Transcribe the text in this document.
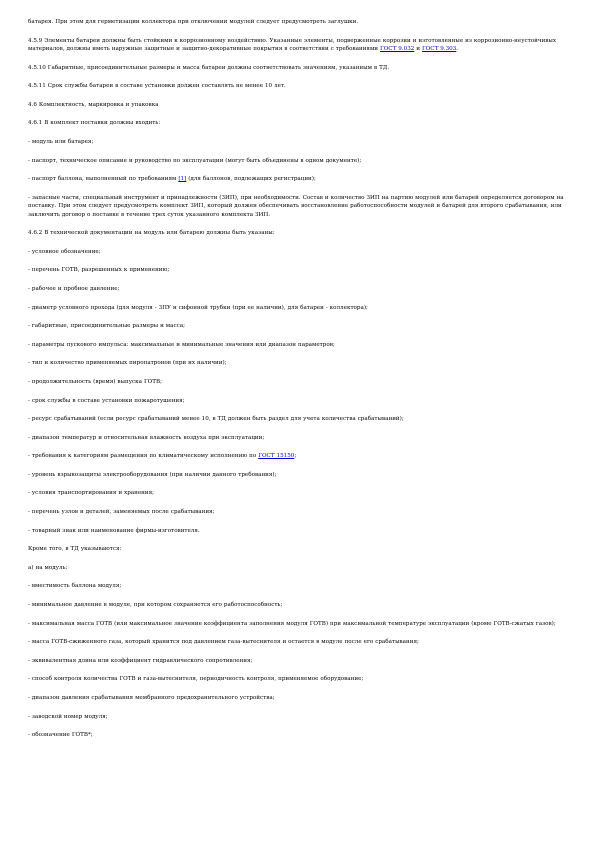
батарея. При этом для герметизации коллектора при отключении модулей следует предусмотреть заглушки.

4.5.9 Элементы батареи должны быть стойкими к коррозионному воздействию. Указанные элементы, подверженные коррозии и изготовленные из коррозионно-неустойчивых материалов, должны иметь наружные защитные и защитно-декоративные покрытия в соответствии с требованиями ГОСТ 9.032 и ГОСТ 9.303.

4.5.10 Габаритные, присоединительные размеры и масса батареи должны соответствовать значениям, указанным в ТД.

4.5.11 Срок службы батареи в составе установки должен составлять не менее 10 лет.

4.6 Комплектность, маркировка и упаковка

4.6.1 В комплект поставки должны входить:

- модуль или батарея;

- паспорт, техническое описание и руководство по эксплуатации (могут быть объединены в одном документе);

- паспорт баллона, выполненный по требованиям [1] (для баллонов, подлежащих регистрации);

- запасные части, специальный инструмент и принадлежности (ЗИП), при необходимости. Состав и количество ЗИП на партию модулей или батарей определяется договором на поставку. При этом следует предусмотреть комплект ЗИП, который должен обеспечивать восстановление работоспособности модулей и батарей для второго срабатывания, или заключить договор о поставке в течение трех суток указанного комплекта ЗИП.

4.6.2 В технической документации на модуль или батарею должны быть указаны:

- условное обозначение;

- перечень ГОТВ, разрешенных к применению;

- рабочее и пробное давление;

- диаметр условного прохода (для модуля - ЗПУ и сифонной трубки (при ее наличии), для батареи - коллектора);

- габаритные, присоединительные размеры и масса;

- параметры пускового импульса: максимальные и минимальные значения или диапазон параметров;

- тип и количество применяемых пиропатронов (при их наличии);

- продолжительность (время) выпуска ГОТВ;

- срок службы в составе установки пожаротушения;

- ресурс срабатываний (если ресурс срабатываний менее 10, в ТД должен быть раздел для учета количества срабатываний);

- диапазон температур и относительная влажность воздуха при эксплуатации;

- требования к категориям размещения по климатическому исполнению по ГОСТ 15150;

- уровень взрывозащиты электрооборудования (при наличии данного требования);

- условия транспортирования и хранения;

- перечень узлов и деталей, заменяемых после срабатывания;

- товарный знак или наименование фирмы-изготовителя.

Кроме того, в ТД указываются:

а) на модуль:

- вместимость баллона модуля;

- минимальное давление в модуле, при котором сохраняется его работоспособность;

- максимальная масса ГОТВ (или максимальное значение коэффициента заполнения модуля ГОТВ) при максимальной температуре эксплуатации (кроме ГОТВ-сжатых газов);

- масса ГОТВ-сжиженного газа, который хранится под давлением газа-вытеснителя и остается в модуле после его срабатывания;

- эквивалентная длина или коэффициент гидравлического сопротивления;

- способ контроля количества ГОТВ и газа-вытеснителя, периодичность контроля, применяемое оборудование;

- диапазон давления срабатывания мембранного предохранительного устройства;

- заводской номер модуля;

- обозначение ГОТВ*;
